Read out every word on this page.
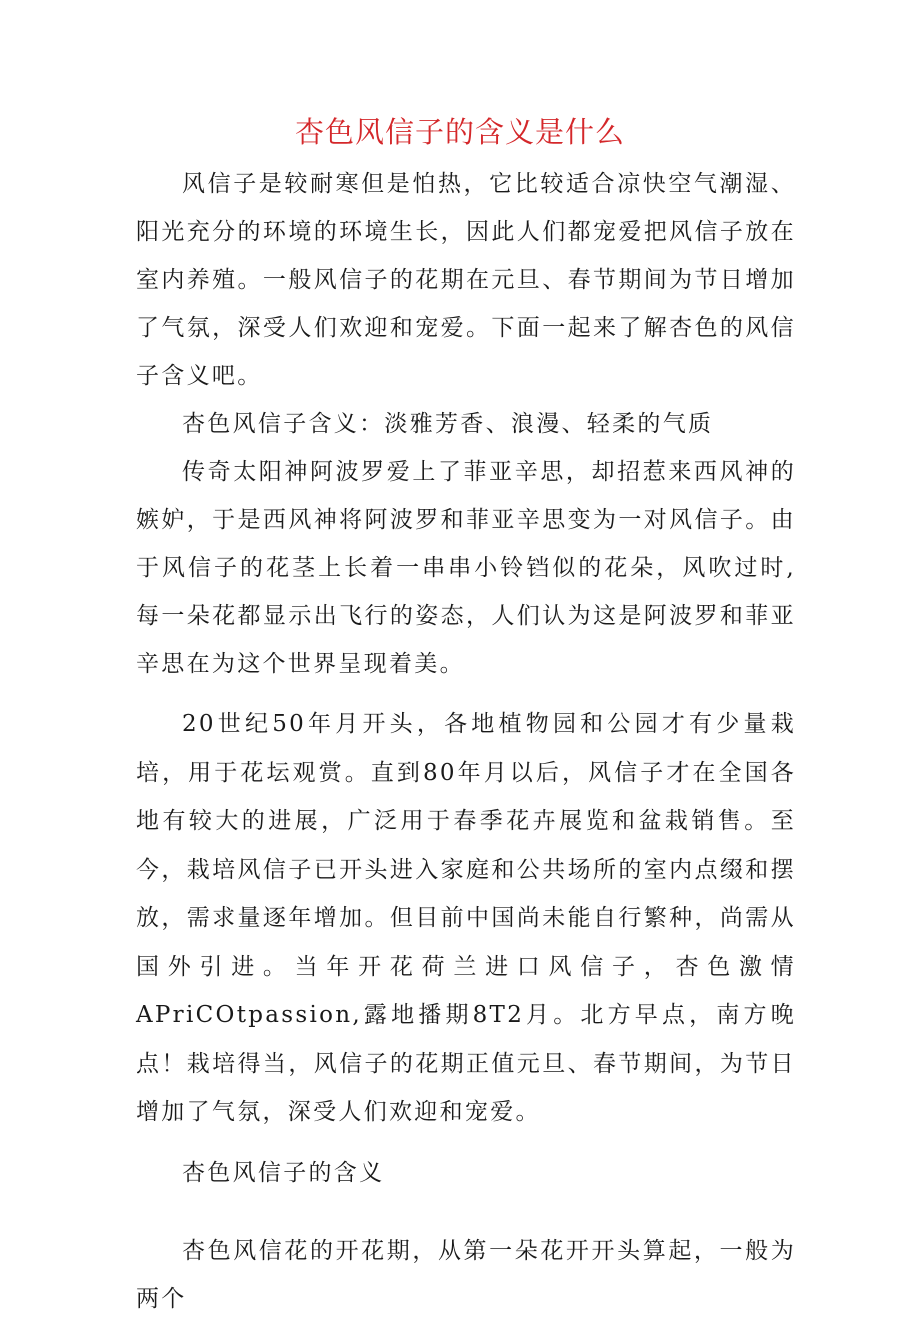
杏色风信子的含义是什么

风信子是较耐寒但是怕热，它比较适合凉快空气潮湿、阳光充分的环境的环境生长，因此人们都宠爱把风信子放在室内养殖。一般风信子的花期在元旦、春节期间为节日增加了气氛，深受人们欢迎和宠爱。下面一起来了解杏色的风信子含义吧。

杏色风信子含义：淡雅芳香、浪漫、轻柔的气质

传奇太阳神阿波罗爱上了菲亚辛思，却招惹来西风神的嫉妒，于是西风神将阿波罗和菲亚辛思变为一对风信子。由于风信子的花茎上长着一串串小铃铛似的花朵，风吹过时,每一朵花都显示出飞行的姿态，人们认为这是阿波罗和菲亚辛思在为这个世界呈现着美。

20世纪50年月开头，各地植物园和公园才有少量栽培，用于花坛观赏。直到80年月以后，风信子才在全国各地有较大的进展，广泛用于春季花卉展览和盆栽销售。至今，栽培风信子已开头进入家庭和公共场所的室内点缀和摆放，需求量逐年增加。但目前中国尚未能自行繁种，尚需从国外引进。当年开花荷兰进口风信子，杏色激情APriCOtpassion,露地播期8T2月。北方早点，南方晚点！栽培得当，风信子的花期正值元旦、春节期间，为节日增加了气氛，深受人们欢迎和宠爱。

杏色风信子的含义

杏色风信花的开花期，从第一朵花开开头算起，一般为两个
